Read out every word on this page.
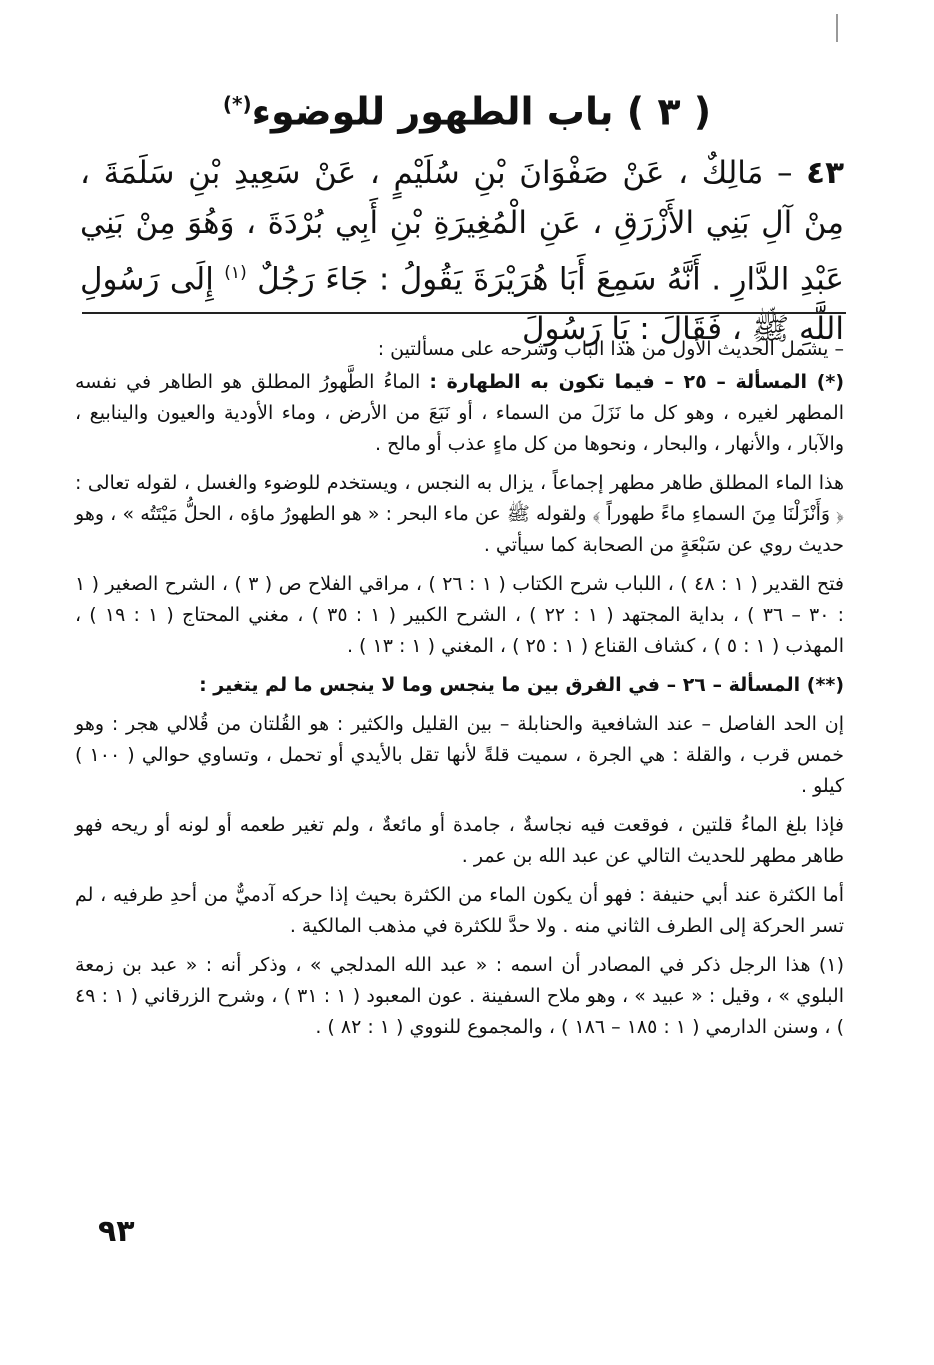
( ٣ ) باب الطهور للوضوء(*)
٤٣ – مَالِكٌ ، عَنْ صَفْوَانَ بْنِ سُلَيْمٍ ، عَنْ سَعِيدِ بْنِ سَلَمَةَ ، مِنْ آلِ بَنِي الأَزْرَقِ ، عَنِ الْمُغِيرَةِ بْنِ أَبِي بُرْدَةَ ، وَهُوَ مِنْ بَنِي عَبْدِ الدَّارِ . أَنَّهُ سَمِعَ أَبَا هُرَيْرَةَ يَقُولُ : جَاءَ رَجُلٌ $^{(١)}$ إِلَى رَسُولِ اللَّهِ ﷺ ، فَقَالَ : يَا رَسُولَ

– يشمل الحديث الأول من هذا الباب وشرحه على مسألتين :

(*) المسألة – ٢٥ – فيما تكون به الطهارة : الماءُ الطَّهورُ المطلق هو الطاهر في نفسه المطهر لغيره ، وهو كل ما نَزَلَ من السماء ، أو نَبَعَ من الأرض ، وماء الأودية والعيون والينابيع ، والآبار ، والأنهار ، والبحار ، ونحوها من كل ماءٍ عذب أو مالح .

هذا الماء المطلق طاهر مطهر إجماعاً ، يزال به النجس ، ويستخدم للوضوء والغسل ، لقوله تعالى : ﴿ وَأَنْزَلْنَا مِنَ السماءِ ماءً طهوراً ﴾ ولقوله ﷺ عن ماء البحر : « هو الطهورُ ماؤه ، الحلُّ مَيْتَتُه » ، وهو حديث روي عن سَبْعَةٍ من الصحابة كما سيأتي .

فتح القدير ( ١ : ٤٨ ) ، اللباب شرح الكتاب ( ١ : ٢٦ ) ، مراقي الفلاح ص ( ٣ ) ، الشرح الصغير ( ١ : ٣٠ – ٣٦ ) ، بداية المجتهد ( ١ : ٢٢ ) ، الشرح الكبير ( ١ : ٣٥ ) ، مغني المحتاج ( ١ : ١٩ ) ، المهذب ( ١ : ٥ ) ، كشاف القناع ( ١ : ٢٥ ) ، المغني ( ١ : ١٣ ) .

(**) المسألة – ٢٦ – في الفرق بين ما ينجس وما لا ينجس ما لم يتغير :

إن الحد الفاصل – عند الشافعية والحنابلة – بين القليل والكثير : هو القُلتان من قُلالي هجر : وهو خمس قرب ، والقلة : هي الجرة ، سميت قلةً لأنها تقل بالأيدي أو تحمل ، وتساوي حوالي ( ١٠٠ ) كيلو .

فإذا بلغ الماءُ قلتين ، فوقعت فيه نجاسةٌ ، جامدة أو مائعةٌ ، ولم تغير طعمه أو لونه أو ريحه فهو طاهر مطهر للحديث التالي عن عبد الله بن عمر .

أما الكثرة عند أبي حنيفة : فهو أن يكون الماء من الكثرة بحيث إذا حركه آدميٌّ من أحدِ طرفيه ، لم تسر الحركة إلى الطرف الثاني منه . ولا حدَّ للكثرة في مذهب المالكية .

(١) هذا الرجل ذكر في المصادر أن اسمه : « عبد الله المدلجي » ، وذكر أنه : « عبد بن زمعة البلوي » ، وقيل : « عبيد » ، وهو ملاح السفينة . عون المعبود ( ١ : ٣١ ) ، وشرح الزرقاني ( ١ : ٤٩ ) ، وسنن الدارمي ( ١ : ١٨٥ – ١٨٦ ) ، والمجموع للنووي ( ١ : ٨٢ ) .

٩٣
